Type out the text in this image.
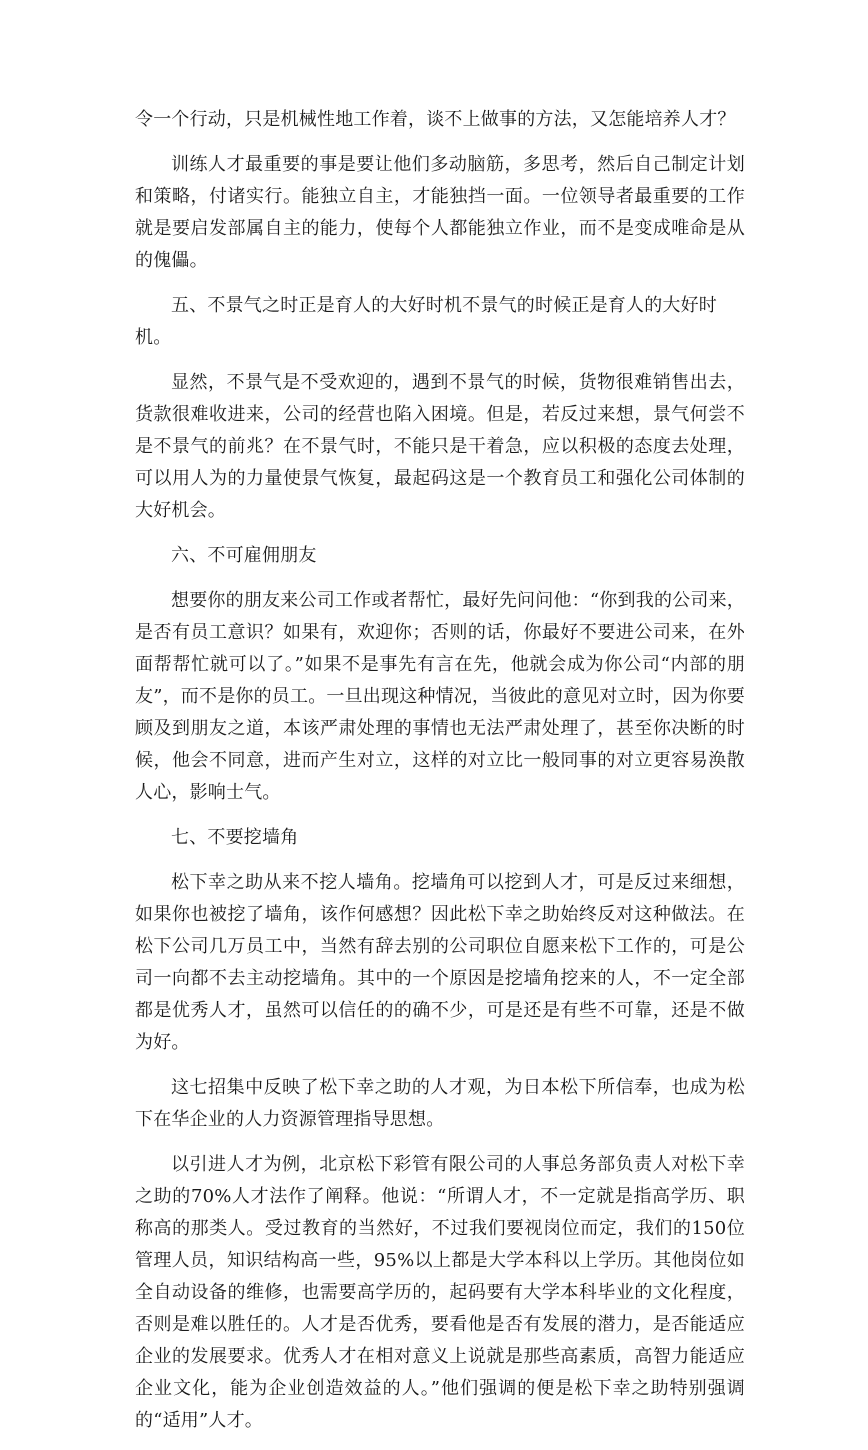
令一个行动，只是机械性地工作着，谈不上做事的方法，又怎能培养人才？

训练人才最重要的事是要让他们多动脑筋，多思考，然后自己制定计划和策略，付诸实行。能独立自主，才能独挡一面。一位领导者最重要的工作就是要启发部属自主的能力，使每个人都能独立作业，而不是变成唯命是从的傀儡。

五、不景气之时正是育人的大好时机不景气的时候正是育人的大好时机。

显然，不景气是不受欢迎的，遇到不景气的时候，货物很难销售出去，货款很难收进来，公司的经营也陷入困境。但是，若反过来想，景气何尝不是不景气的前兆？在不景气时，不能只是干着急，应以积极的态度去处理，可以用人为的力量使景气恢复，最起码这是一个教育员工和强化公司体制的大好机会。

六、不可雇佣朋友

想要你的朋友来公司工作或者帮忙，最好先问问他：“你到我的公司来，是否有员工意识？如果有，欢迎你；否则的话，你最好不要进公司来，在外面帮帮忙就可以了。”如果不是事先有言在先，他就会成为你公司“内部的朋友”，而不是你的员工。一旦出现这种情况，当彼此的意见对立时，因为你要顾及到朋友之道，本该严肃处理的事情也无法严肃处理了，甚至你决断的时候，他会不同意，进而产生对立，这样的对立比一般同事的对立更容易涣散人心，影响士气。

七、不要挖墙角

松下幸之助从来不挖人墙角。挖墙角可以挖到人才，可是反过来细想，如果你也被挖了墙角，该作何感想？因此松下幸之助始终反对这种做法。在松下公司几万员工中，当然有辞去别的公司职位自愿来松下工作的，可是公司一向都不去主动挖墙角。其中的一个原因是挖墙角挖来的人，不一定全部都是优秀人才，虽然可以信任的的确不少，可是还是有些不可靠，还是不做为好。

这七招集中反映了松下幸之助的人才观，为日本松下所信奉，也成为松下在华企业的人力资源管理指导思想。

以引进人才为例，北京松下彩管有限公司的人事总务部负责人对松下幸之助的70%人才法作了阐释。他说：“所谓人才，不一定就是指高学历、职称高的那类人。受过教育的当然好，不过我们要视岗位而定，我们的150位管理人员，知识结构高一些，95%以上都是大学本科以上学历。其他岗位如全自动设备的维修，也需要高学历的，起码要有大学本科毕业的文化程度，否则是难以胜任的。人才是否优秀，要看他是否有发展的潜力，是否能适应企业的发展要求。优秀人才在相对意义上说就是那些高素质，高智力能适应企业文化，能为企业创造效益的人。”他们强调的便是松下幸之助特别强调的“适用”人才。
